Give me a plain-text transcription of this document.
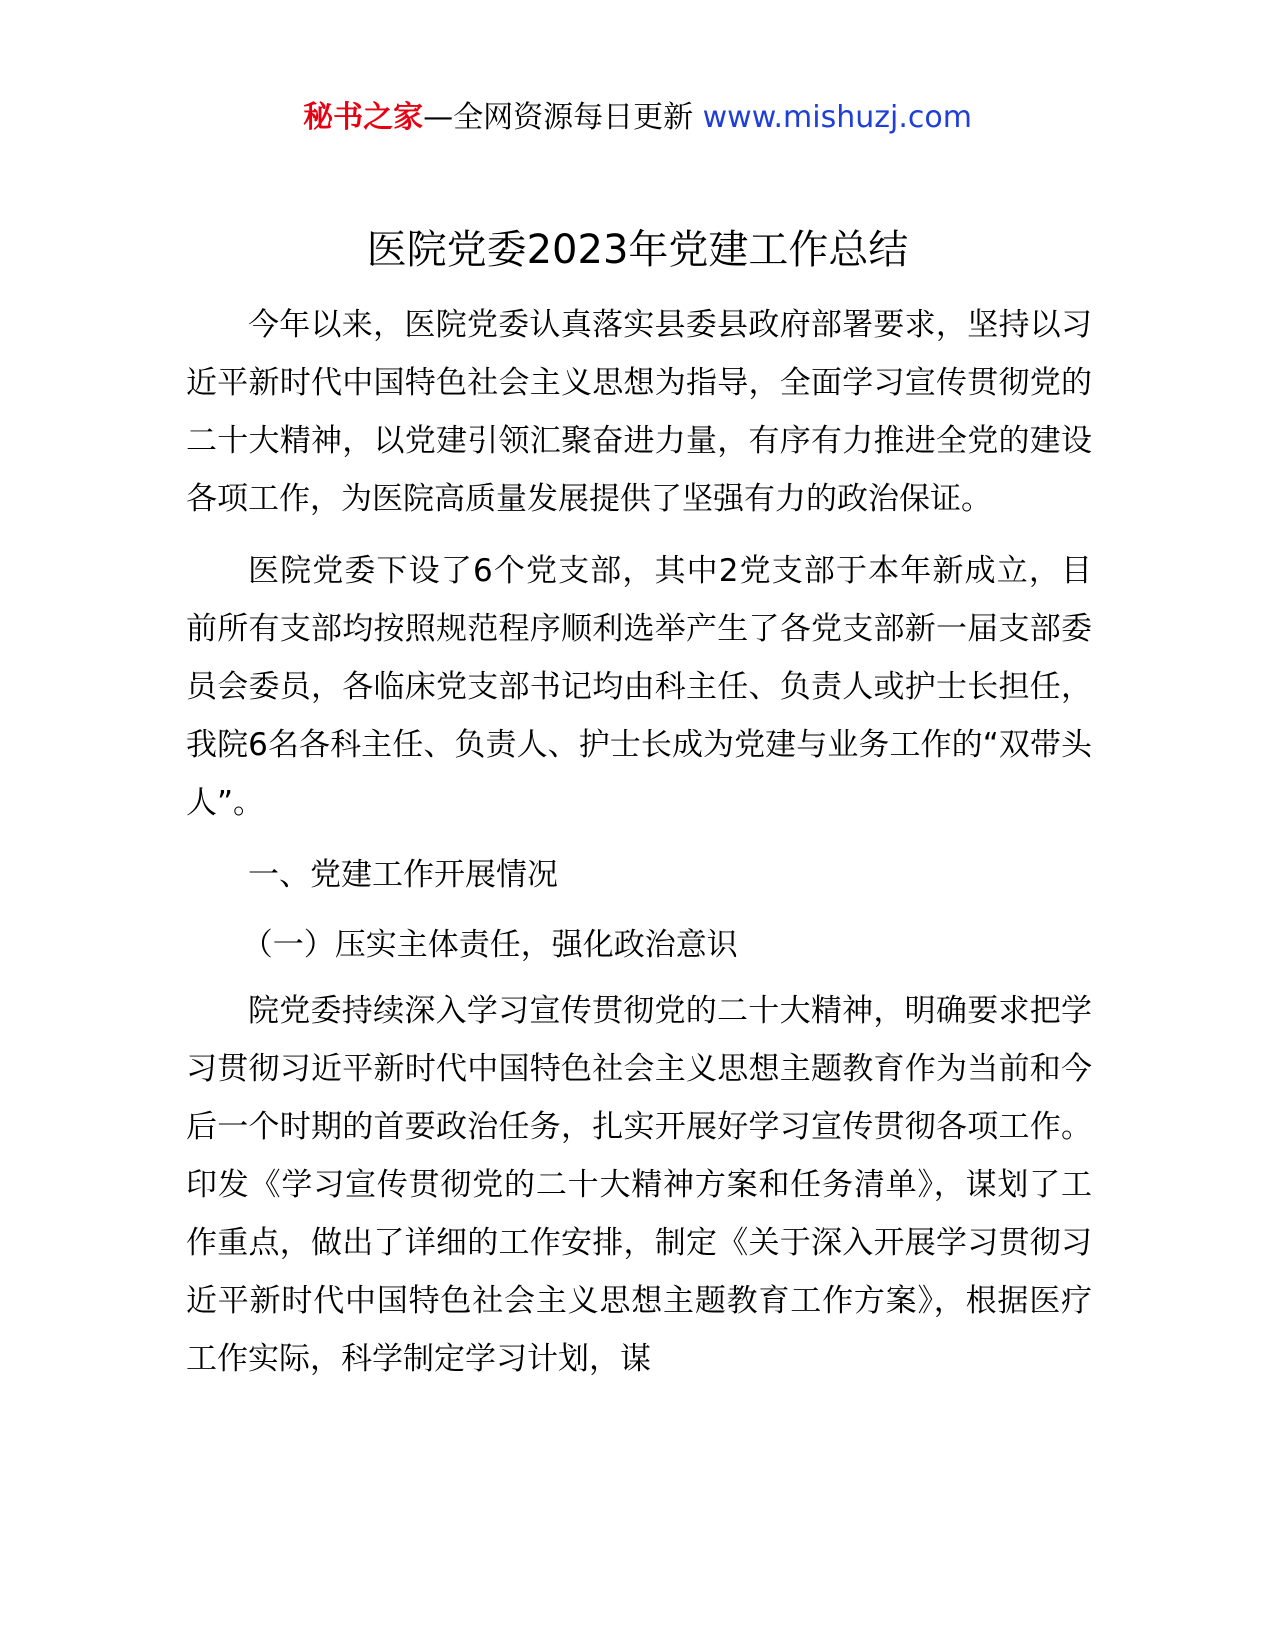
秘书之家—全网资源每日更新 www.mishuzj.com
医院党委2023年党建工作总结

今年以来，医院党委认真落实县委县政府部署要求，坚持以习近平新时代中国特色社会主义思想为指导，全面学习宣传贯彻党的二十大精神，以党建引领汇聚奋进力量，有序有力推进全党的建设各项工作，为医院高质量发展提供了坚强有力的政治保证。

医院党委下设了6个党支部，其中2党支部于本年新成立，目前所有支部均按照规范程序顺利选举产生了各党支部新一届支部委员会委员，各临床党支部书记均由科主任、负责人或护士长担任，我院6名各科主任、负责人、护士长成为党建与业务工作的“双带头人”。

一、党建工作开展情况

（一）压实主体责任，强化政治意识

院党委持续深入学习宣传贯彻党的二十大精神，明确要求把学习贯彻习近平新时代中国特色社会主义思想主题教育作为当前和今后一个时期的首要政治任务，扎实开展好学习宣传贯彻各项工作。印发《学习宣传贯彻党的二十大精神方案和任务清单》，谋划了工作重点，做出了详细的工作安排，制定《关于深入开展学习贯彻习近平新时代中国特色社会主义思想主题教育工作方案》，根据医疗工作实际，科学制定学习计划，谋
